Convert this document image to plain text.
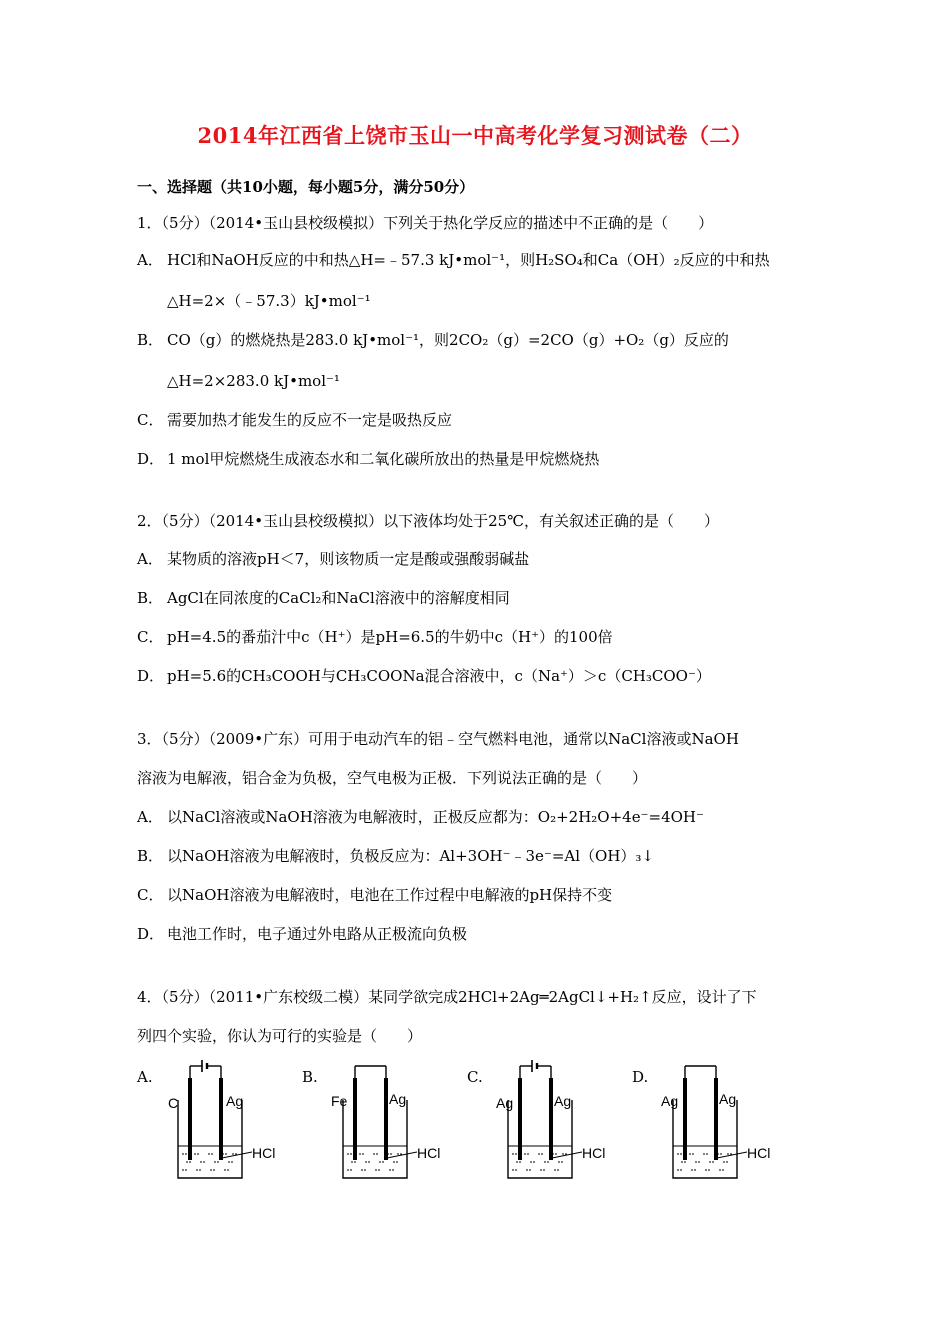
2014年江西省上饶市玉山一中高考化学复习测试卷（二）
一、选择题（共10小题，每小题5分，满分50分）
1．（5分）（2014•玉山县校级模拟）下列关于热化学反应的描述中不正确的是（　　）
A． HCl和NaOH反应的中和热△H=﹣57.3 kJ•mol⁻¹，则H₂SO₄和Ca（OH）₂反应的中和热
△H=2×（﹣57.3）kJ•mol⁻¹
B． CO（g）的燃烧热是283.0 kJ•mol⁻¹，则2CO₂（g）=2CO（g）+O₂（g）反应的
△H=2×283.0 kJ•mol⁻¹
C． 需要加热才能发生的反应不一定是吸热反应
D． 1 mol甲烷燃烧生成液态水和二氧化碳所放出的热量是甲烷燃烧热
2．（5分）（2014•玉山县校级模拟）以下液体均处于25℃，有关叙述正确的是（　　）
A． 某物质的溶液pH＜7，则该物质一定是酸或强酸弱碱盐
B． AgCl在同浓度的CaCl₂和NaCl溶液中的溶解度相同
C． pH=4.5的番茄汁中c（H⁺）是pH=6.5的牛奶中c（H⁺）的100倍
D． pH=5.6的CH₃COOH与CH₃COONa混合溶液中，c（Na⁺）＞c（CH₃COO⁻）
3．（5分）（2009•广东）可用于电动汽车的铝﹣空气燃料电池，通常以NaCl溶液或NaOH
溶液为电解液，铝合金为负极，空气电极为正极．下列说法正确的是（　　）
A． 以NaCl溶液或NaOH溶液为电解液时，正极反应都为：O₂+2H₂O+4e⁻=4OH⁻
B． 以NaOH溶液为电解液时，负极反应为：Al+3OH⁻﹣3e⁻=Al（OH）₃↓
C． 以NaOH溶液为电解液时，电池在工作过程中电解液的pH保持不变
D． 电池工作时，电子通过外电路从正极流向负极
4．（5分）（2011•广东校级二模）某同学欲完成2HCl+2Ag═2AgCl↓+H₂↑反应，设计了下
列四个实验，你认为可行的实验是（　　）
A.
C	Ag
HCl
B.
Fe	Ag
HCl
C.
Ag	Ag
HCl
D.
Ag	Ag
HCl
